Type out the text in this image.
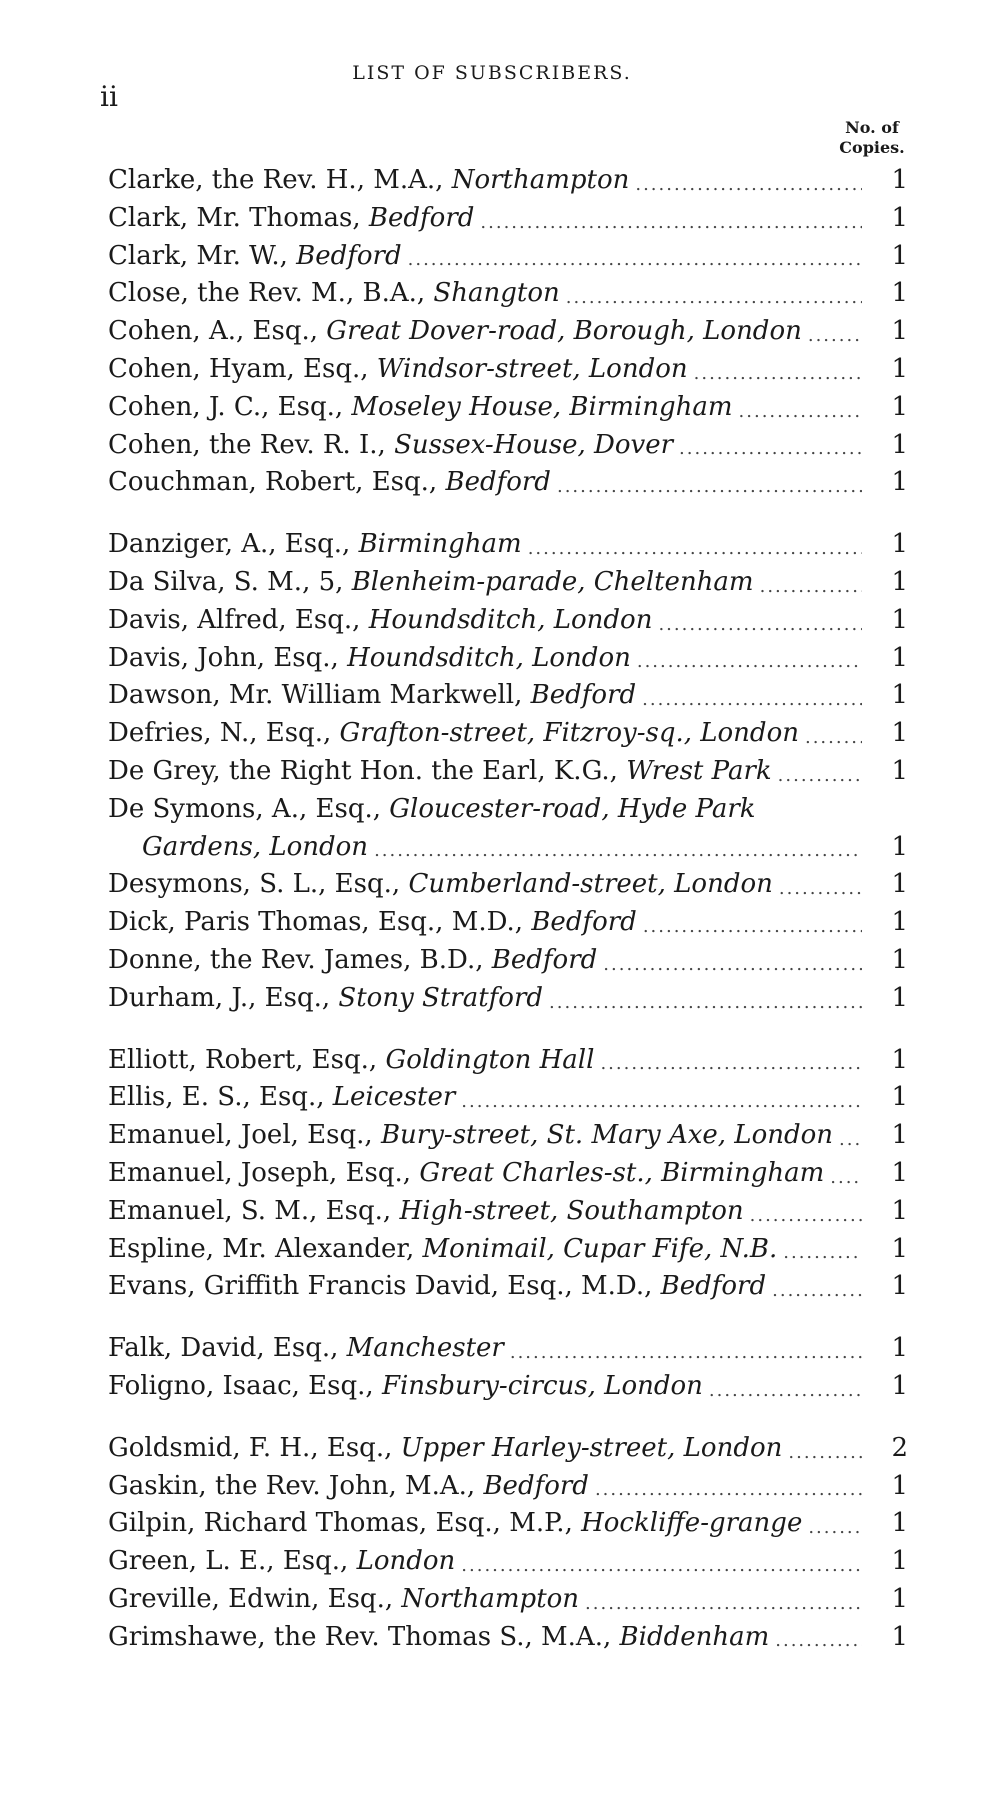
ii
LIST OF SUBSCRIBERS.
No. of
Copies.
Clarke, the Rev. H., M.A., Northampton .....	1
Clark, Mr. Thomas, Bedford .....	1
Clark, Mr. W., Bedford .....	1
Close, the Rev. M., B.A., Shangton .....	1
Cohen, A., Esq., Great Dover-road, Borough, London .....	1
Cohen, Hyam, Esq., Windsor-street, London .....	1
Cohen, J. C., Esq., Moseley House, Birmingham .....	1
Cohen, the Rev. R. I., Sussex-House, Dover .....	1
Couchman, Robert, Esq., Bedford .....	1
Danziger, A., Esq., Birmingham .....	1
Da Silva, S. M., 5, Blenheim-parade, Cheltenham .....	1
Davis, Alfred, Esq., Houndsditch, London .....	1
Davis, John, Esq., Houndsditch, London .....	1
Dawson, Mr. William Markwell, Bedford .....	1
Defries, N., Esq., Grafton-street, Fitzroy-sq., London .....	1
De Grey, the Right Hon. the Earl, K.G., Wrest Park .....	1
De Symons, A., Esq., Gloucester-road, Hyde Park
Gardens, London .....	1
Desymons, S. L., Esq., Cumberland-street, London .....	1
Dick, Paris Thomas, Esq., M.D., Bedford .....	1
Donne, the Rev. James, B.D., Bedford .....	1
Durham, J., Esq., Stony Stratford .....	1
Elliott, Robert, Esq., Goldington Hall .....	1
Ellis, E. S., Esq., Leicester .....	1
Emanuel, Joel, Esq., Bury-street, St. Mary Axe, London .....	1
Emanuel, Joseph, Esq., Great Charles-st., Birmingham .....	1
Emanuel, S. M., Esq., High-street, Southampton .....	1
Espline, Mr. Alexander, Monimail, Cupar Fife, N.B. .....	1
Evans, Griffith Francis David, Esq., M.D., Bedford .....	1
Falk, David, Esq., Manchester .....	1
Foligno, Isaac, Esq., Finsbury-circus, London .....	1
Goldsmid, F. H., Esq., Upper Harley-street, London .....	2
Gaskin, the Rev. John, M.A., Bedford .....	1
Gilpin, Richard Thomas, Esq., M.P., Hockliffe-grange .....	1
Green, L. E., Esq., London .....	1
Greville, Edwin, Esq., Northampton .....	1
Grimshawe, the Rev. Thomas S., M.A., Biddenham .....	1
